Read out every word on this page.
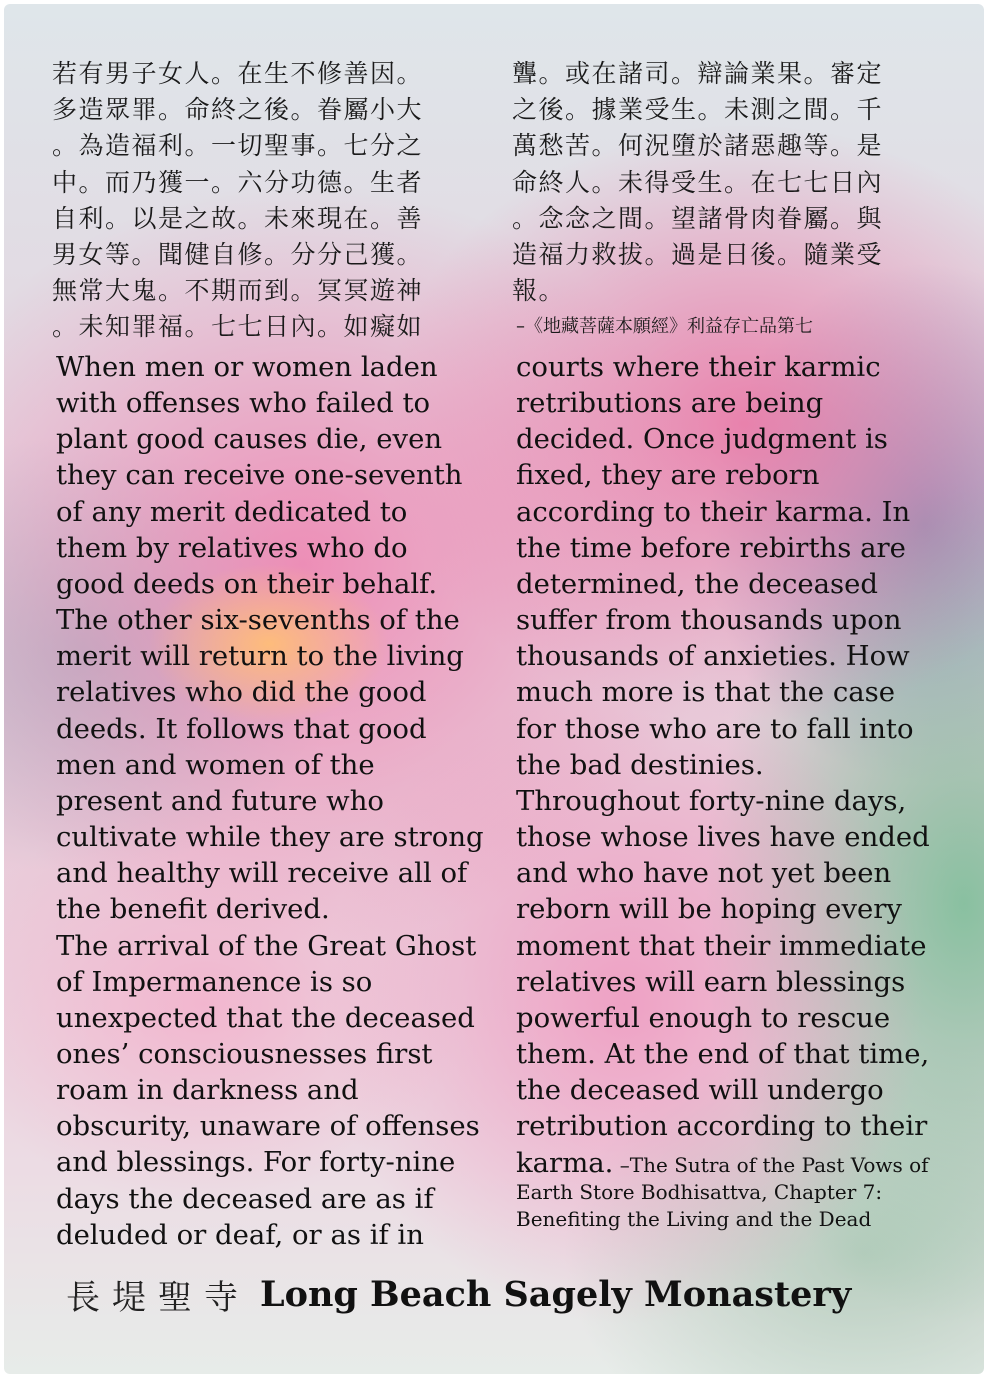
若有男子女人。在生不修善因。
多造眾罪。命終之後。眷屬小大
。為造福利。一切聖事。七分之
中。而乃獲一。六分功德。生者
自利。以是之故。未來現在。善
男女等。聞健自修。分分己獲。
無常大鬼。不期而到。冥冥遊神
。未知罪福。七七日內。如癡如
聾。或在諸司。辯論業果。審定
之後。據業受生。未測之間。千
萬愁苦。何況墮於諸惡趣等。是
命終人。未得受生。在七七日內
。念念之間。望諸骨肉眷屬。與
造福力救拔。過是日後。隨業受
報。
–《地藏菩薩本願經》利益存亡品第七
When men or women laden
with offenses who failed to
plant good causes die, even
they can receive one-seventh
of any merit dedicated to
them by relatives who do
good deeds on their behalf.
The other six-sevenths of the
merit will return to the living
relatives who did the good
deeds. It follows that good
men and women of the
present and future who
cultivate while they are strong
and healthy will receive all of
the benefit derived.
The arrival of the Great Ghost
of Impermanence is so
unexpected that the deceased
ones’ consciousnesses first
roam in darkness and
obscurity, unaware of offenses
and blessings. For forty-nine
days the deceased are as if
deluded or deaf, or as if in
courts where their karmic
retributions are being
decided. Once judgment is
fixed, they are reborn
according to their karma. In
the time before rebirths are
determined, the deceased
suffer from thousands upon
thousands of anxieties. How
much more is that the case
for those who are to fall into
the bad destinies.
Throughout forty-nine days,
those whose lives have ended
and who have not yet been
reborn will be hoping every
moment that their immediate
relatives will earn blessings
powerful enough to rescue
them. At the end of that time,
the deceased will undergo
retribution according to their

karma. –The Sutra of the Past Vows of Earth Store Bodhisattva, Chapter 7: Benefiting the Living and the Dead

長堤聖寺 Long Beach Sagely Monastery
